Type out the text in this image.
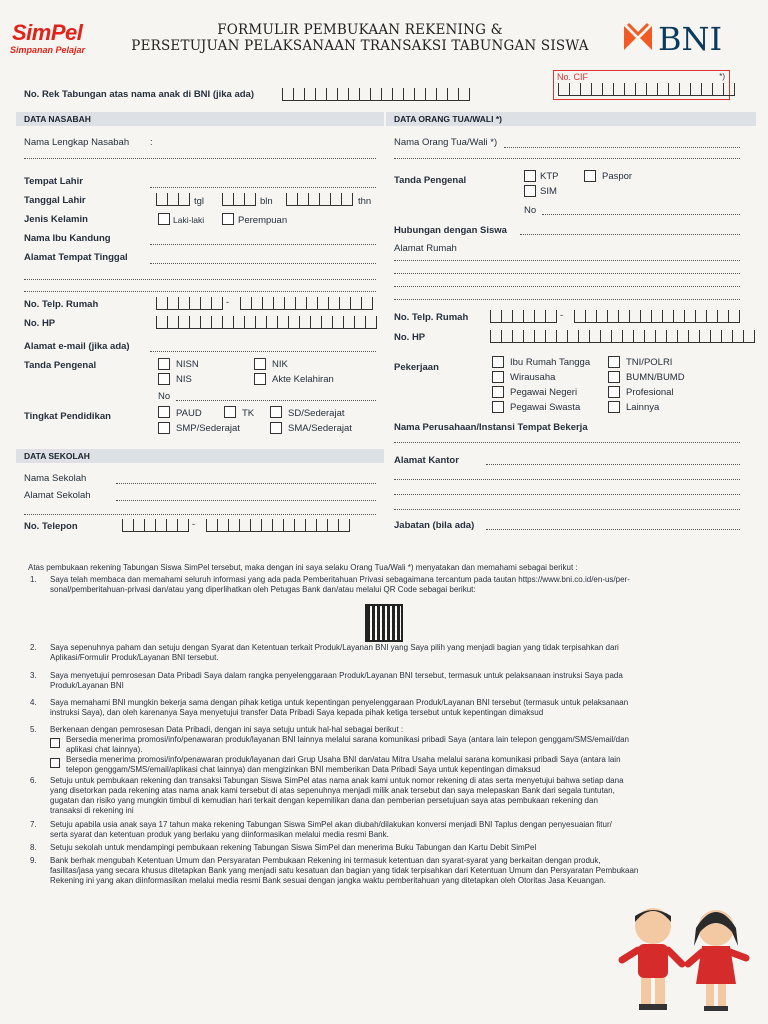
SimPel
Simpanan Pelajar
FORMULIR PEMBUKAAN REKENING &
PERSETUJUAN PELAKSANAAN TRANSAKSI TABUNGAN SISWA	BNI
No. CIF	*)
No. Rek Tabungan atas nama anak di BNI (jika ada)
DATA NASABAH
Nama Lengkap Nasabah :
Tempat Lahir
Tanggal Lahir	tgl	bln	thn
Jenis Kelamin	Laki-laki	Perempuan
Nama Ibu Kandung
Alamat Tempat Tinggal
No. Telp. Rumah	-
No. HP
Alamat e-mail (jika ada)
Tanda Pengenal	NISN	NIK
NIS	Akte Kelahiran
No
Tingkat Pendidikan	PAUD	TK	SD/Sederajat
SMP/Sederajat	SMA/Sederajat
DATA SEKOLAH
Nama Sekolah
Alamat Sekolah
No. Telepon	-
DATA ORANG TUA/WALI *)
Nama Orang Tua/Wali *)
Tanda Pengenal	KTP	Paspor
SIM
No
Hubungan dengan Siswa
Alamat Rumah
No. Telp. Rumah	-
No. HP
Pekerjaan	Ibu Rumah Tangga	TNI/POLRI
Wirausaha	BUMN/BUMD
Pegawai Negeri	Profesional
Pegawai Swasta	Lainnya
Nama Perusahaan/Instansi Tempat Bekerja
Alamat Kantor
Jabatan (bila ada)
Atas pembukaan rekening Tabungan Siswa SimPel tersebut, maka dengan ini saya selaku Orang Tua/Wali *) menyatakan dan memahami sebagai berikut :
1. Saya telah membaca dan memahami seluruh informasi yang ada pada Pemberitahuan Privasi sebagaimana tercantum pada tautan https://www.bni.co.id/en-us/per-
sonal/pemberitahuan-privasi dan/atau yang diperlihatkan oleh Petugas Bank dan/atau melalui QR Code sebagai berikut:
2. Saya sepenuhnya paham dan setuju dengan Syarat dan Ketentuan terkait Produk/Layanan BNI yang Saya pilih yang menjadi bagian yang tidak terpisahkan dari
Aplikasi/Formulir Produk/Layanan BNI tersebut.
3. Saya menyetujui pemrosesan Data Pribadi Saya dalam rangka penyelenggaraan Produk/Layanan BNI tersebut, termasuk untuk pelaksanaan instruksi Saya pada
Produk/Layanan BNI
4. Saya memahami BNI mungkin bekerja sama dengan pihak ketiga untuk kepentingan penyelenggaraan Produk/Layanan BNI tersebut (termasuk untuk pelaksanaan
instruksi Saya), dan oleh karenanya Saya menyetujui transfer Data Pribadi Saya kepada pihak ketiga tersebut untuk kepentingan dimaksud
5. Berkenaan dengan pemrosesan Data Pribadi, dengan ini saya setuju untuk hal-hal sebagai berikut :
Bersedia menerima promosi/info/penawaran produk/layanan BNI lainnya melalui sarana komunikasi pribadi Saya (antara lain telepon genggam/SMS/email/dan
aplikasi chat lainnya).
Bersedia menerima promosi/info/penawaran produk/layanan dari Grup Usaha BNI dan/atau Mitra Usaha melalui sarana komunikasi pribadi Saya (antara lain
telepon genggam/SMS/email/aplikasi chat lainnya) dan mengizinkan BNI memberikan Data Pribadi Saya untuk kepentingan dimaksud
6. Setuju untuk pembukaan rekening dan transaksi Tabungan Siswa SimPel atas nama anak kami untuk nomor rekening di atas serta menyetujui bahwa setiap dana
yang disetorkan pada rekening atas nama anak kami tersebut di atas sepenuhnya menjadi milik anak tersebut dan saya melepaskan Bank dari segala tuntutan,
gugatan dan risiko yang mungkin timbul di kemudian hari terkait dengan kepemilikan dana dan pemberian persetujuan saya atas pembukaan rekening dan
transaksi di rekening ini
7. Setuju apabila usia anak saya 17 tahun maka rekening Tabungan Siswa SimPel akan diubah/dilakukan konversi menjadi BNI Taplus dengan penyesuaian fitur/
serta syarat dan ketentuan produk yang berlaku yang diinformasikan melalui media resmi Bank.
8. Setuju sekolah untuk mendampingi pembukaan rekening Tabungan Siswa SimPel dan menerima Buku Tabungan dan Kartu Debit SimPel
9. Bank berhak mengubah Ketentuan Umum dan Persyaratan Pembukaan Rekening ini termasuk ketentuan dan syarat-syarat yang berkaitan dengan produk,
fasilitas/jasa yang secara khusus ditetapkan Bank yang menjadi satu kesatuan dan bagian yang tidak terpisahkan dari Ketentuan Umum dan Persyaratan Pembukaan
Rekening ini yang akan diinformasikan melalui media resmi Bank sesuai dengan jangka waktu pemberitahuan yang ditetapkan oleh Otoritas Jasa Keuangan.
